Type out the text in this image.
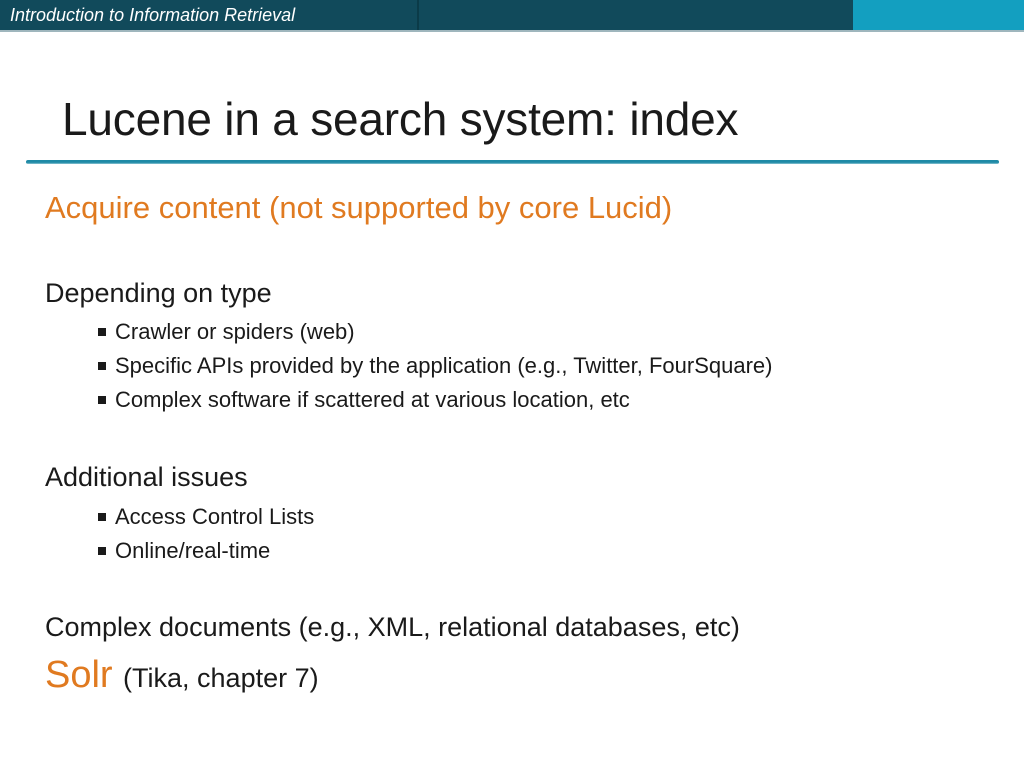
Introduction to Information Retrieval
Lucene in a search system: index
Acquire content (not supported by core Lucid)
Depending on type
Crawler or spiders (web)
Specific APIs provided by the application (e.g., Twitter, FourSquare)
Complex software if scattered at various location, etc
Additional issues
Access Control Lists
Online/real-time
Complex documents (e.g., XML, relational databases, etc)
Solr (Tika, chapter 7)
